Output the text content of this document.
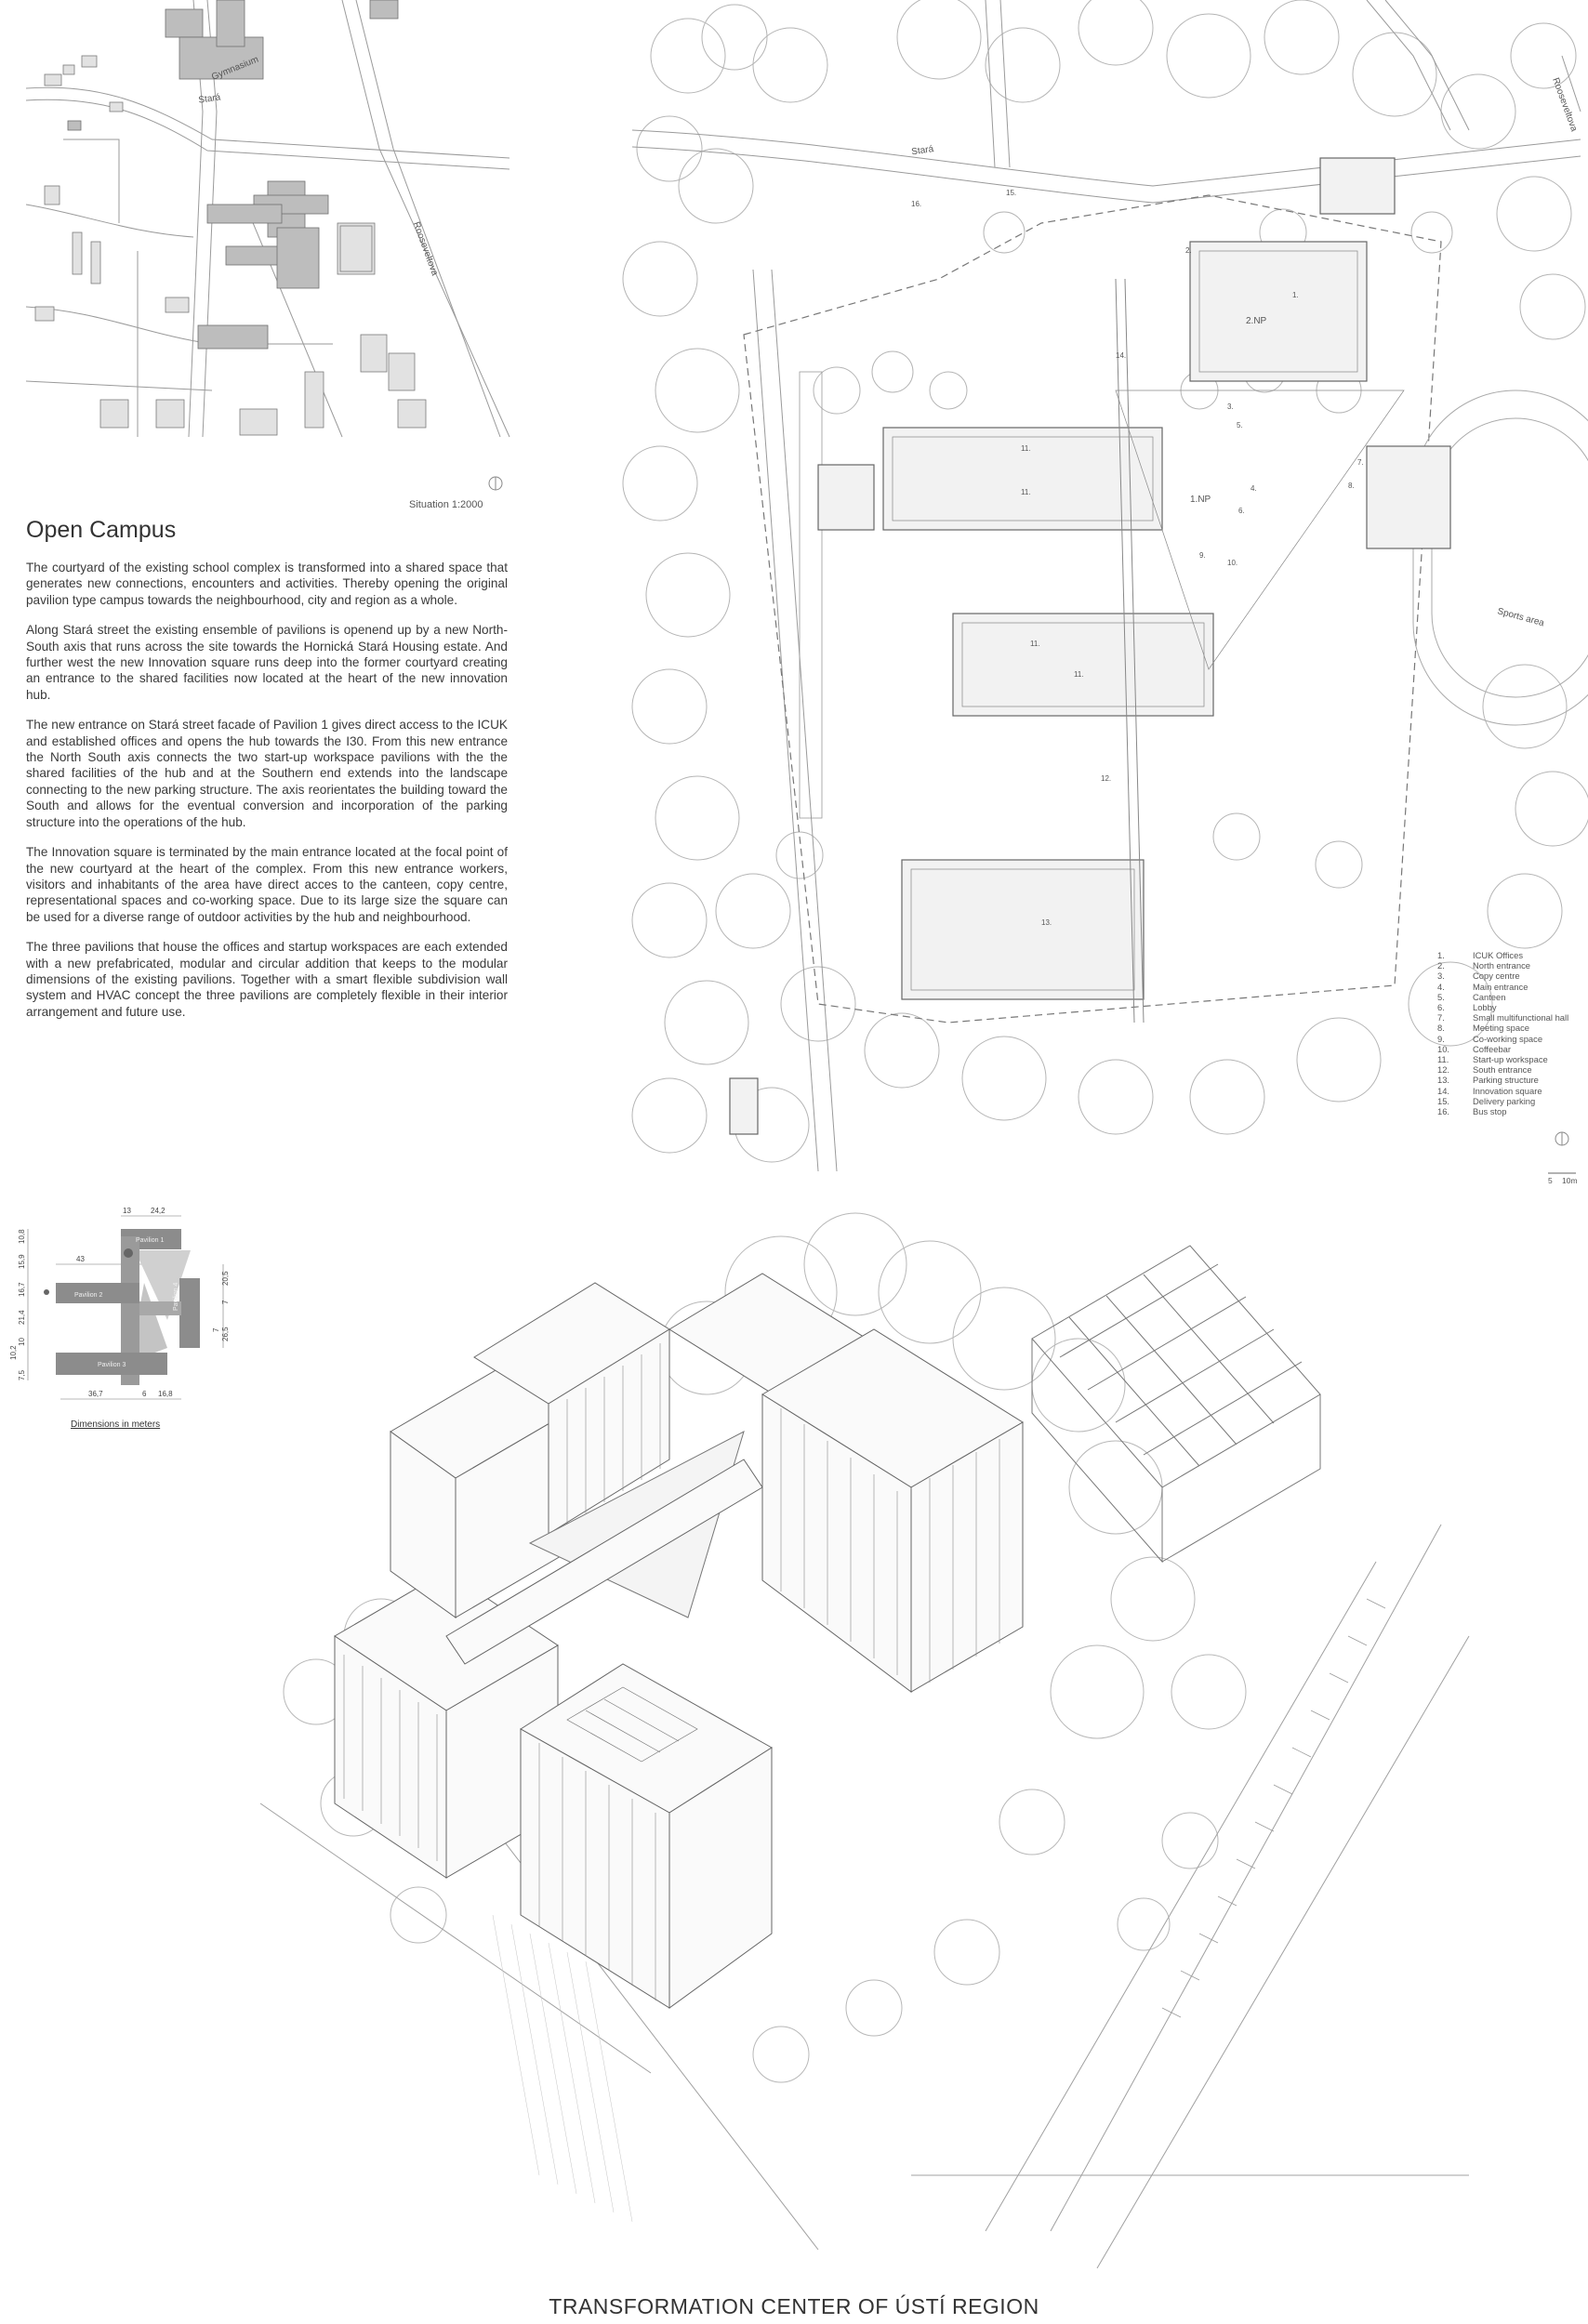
Stará
Gymnasium
Rooseveltova
Situation 1:2000
Open Campus

The courtyard of the existing school complex is transformed into a shared space that generates new connections, encounters and activities. Thereby opening the original pavilion type campus towards the neighbourhood, city and region as a whole.

Along Stará street the existing ensemble of pavilions is openend up by a new North-South axis that runs across the site towards the Hornická Stará Housing estate. And further west the new Innovation square runs deep into the former courtyard creating an entrance to the shared facilities now located at the heart of the new innovation hub.

The new entrance on Stará street facade of Pavilion 1 gives direct access to the ICUK and established offices and opens the hub towards the I30. From this new entrance the North South axis connects the two start-up workspace pavilions with the the shared facilities of the hub and at the Southern end extends into the landscape connecting to the new parking structure. The axis reorientates the building toward the South and allows for the eventual conversion and incorporation of the parking structure into the operations of the hub.

The Innovation square is terminated by the main entrance located at the focal point of the new courtyard at the heart of the complex. From this new entrance workers, visitors and inhabitants of the area have direct acces to the canteen, copy centre, representational spaces and co-working space. Due to its large size the square can be used for a diverse range of outdoor activities by the hub and neighbourhood.

The three pavilions that house the offices and startup workspaces are each extended with a new prefabricated, modular and circular addition that keeps to the modular dimensions of the existing pavilions. Together with a smart flexible subdivision wall system and HVAC concept the three pavilions are completely flexible in their interior arrangement and future use.

Stará
1.NP
2.NP
Sports area
Rooseveltova
1.
2.
3.
4.
5.
6.
7.
8.
9.
10.
11.
11.
11.
11.
12.
13.
14.
15.
16.
5 10m
1.	ICUK Offices
2.	North entrance
3.	Copy centre
4.	Main entrance
5.	Canteen
6.	Lobby
7.	Small multifunctional hall
8.	Meeting space
9.	Co-working space
10.	Coffeebar
11.	Start-up workspace
12.	South entrance
13.	Parking structure
14.	Innovation square
15.	Delivery parking
16.	Bus stop
Pavilion 1
Pavilion 2
Pavilion 3
Pavilion 4
13	24,2
43
10,8
15,9
16,7
21,4
10
10,2
7,5
7
20,5
7
26,5
36,7	6 16,8
Dimensions in meters
TRANSFORMATION CENTER OF ÚSTÍ REGION
